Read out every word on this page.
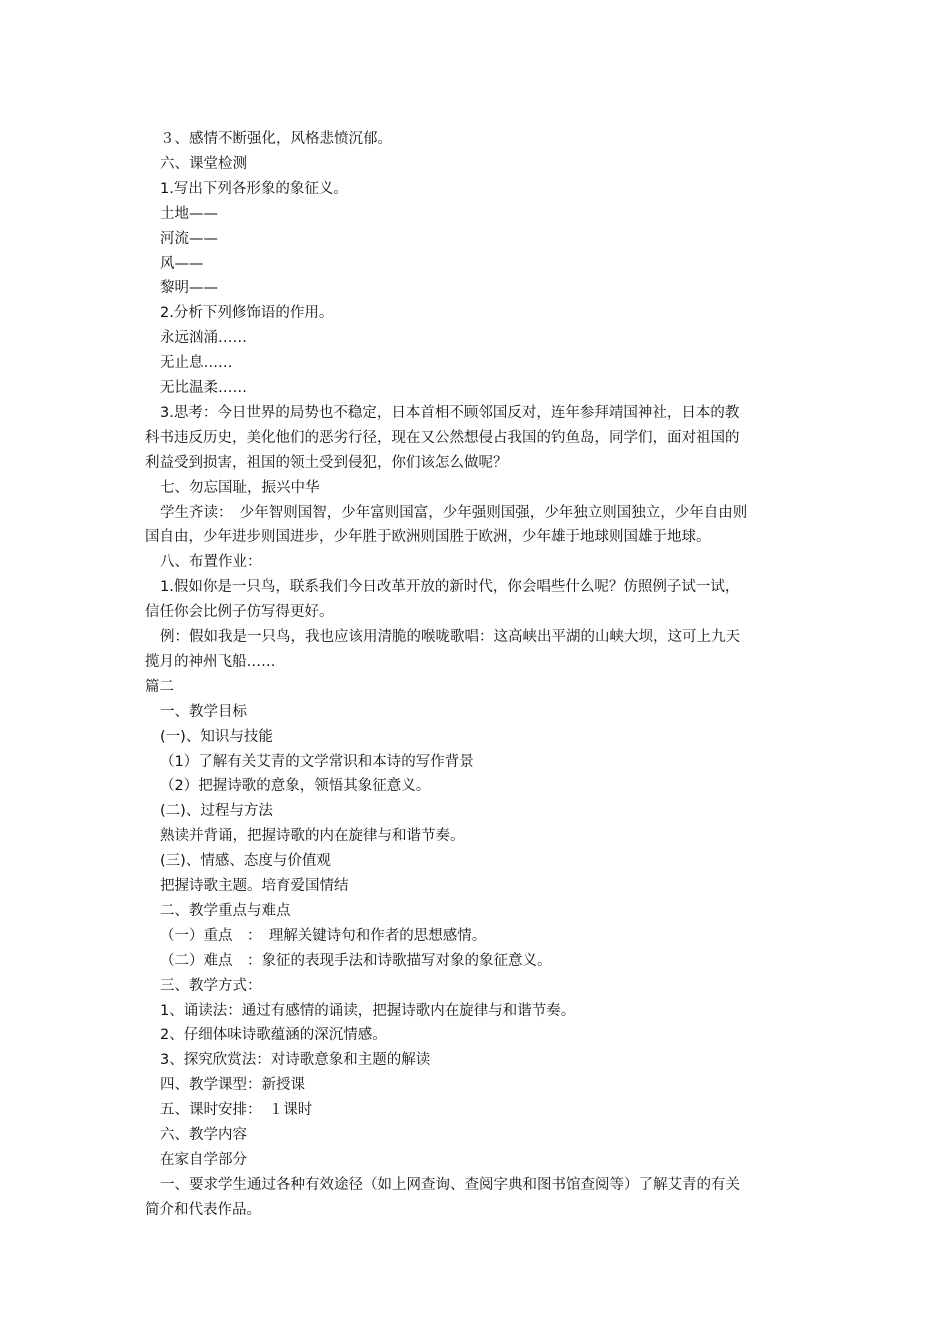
３、感情不断强化，风格悲愤沉郁。
六、课堂检测
1.写出下列各形象的象征义。
土地——
河流——
风——
黎明——
2.分析下列修饰语的作用。
永远汹涌……
无止息……
无比温柔……
3.思考：今日世界的局势也不稳定，日本首相不顾邻国反对，连年参拜靖国神社，日本的教
科书违反历史，美化他们的恶劣行径，现在又公然想侵占我国的钓鱼岛，同学们，面对祖国的
利益受到损害，祖国的领土受到侵犯，你们该怎么做呢？
七、勿忘国耻，振兴中华
学生齐读：　少年智则国智，少年富则国富，少年强则国强，少年独立则国独立，少年自由则
国自由，少年进步则国进步，少年胜于欧洲则国胜于欧洲，少年雄于地球则国雄于地球。
八、布置作业：
1.假如你是一只鸟，联系我们今日改革开放的新时代，你会唱些什么呢？仿照例子试一试，
信任你会比例子仿写得更好。
例：假如我是一只鸟，我也应该用清脆的喉咙歌唱：这高峡出平湖的山峡大坝，这可上九天
揽月的神州飞船……
篇二
一、教学目标
(一)、知识与技能
（1）了解有关艾青的文学常识和本诗的写作背景
（2）把握诗歌的意象，领悟其象征意义。
(二)、过程与方法
熟读并背诵，把握诗歌的内在旋律与和谐节奏。
(三)、情感、态度与价值观
把握诗歌主题。培育爱国情结
二、教学重点与难点
（一）重点　：　理解关键诗句和作者的思想感情。
（二）难点　：象征的表现手法和诗歌描写对象的象征意义。
三、教学方式：
1、诵读法：通过有感情的诵读，把握诗歌内在旋律与和谐节奏。
2、仔细体味诗歌蕴涵的深沉情感。
3、探究欣赏法：对诗歌意象和主题的解读
四、教学课型：新授课
五、课时安排：　１课时
六、教学内容
在家自学部分
一、要求学生通过各种有效途径（如上网查询、查阅字典和图书馆查阅等）了解艾青的有关
简介和代表作品。
